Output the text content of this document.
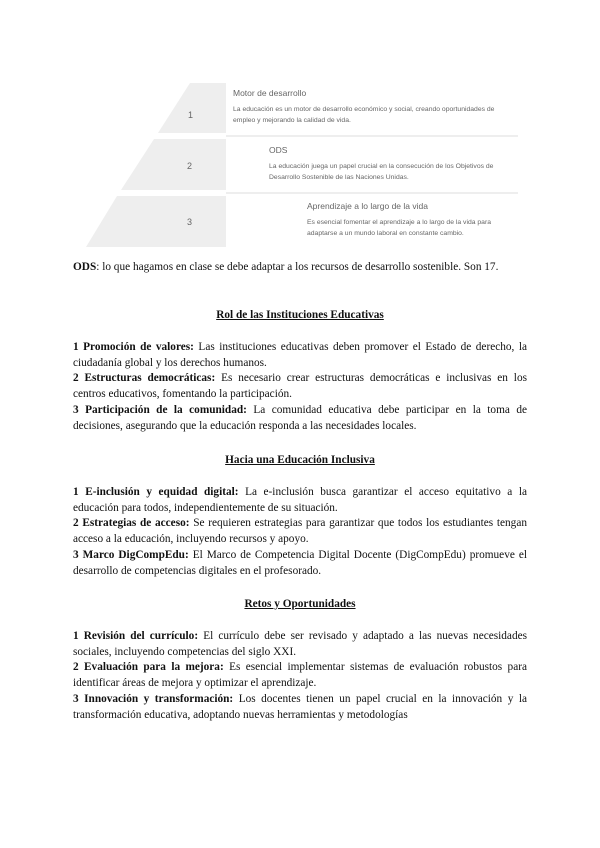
1
2
3
Motor de desarrollo
La educación es un motor de desarrollo económico y social, creando oportunidades de empleo y mejorando la calidad de vida.
ODS
La educación juega un papel crucial en la consecución de los Objetivos de Desarrollo Sostenible de las Naciones Unidas.
Aprendizaje a lo largo de la vida
Es esencial fomentar el aprendizaje a lo largo de la vida para adaptarse a un mundo laboral en constante cambio.

ODS: lo que hagamos en clase se debe adaptar a los recursos de desarrollo sostenible. Son 17.

Rol de las Instituciones Educativas

1 Promoción de valores: Las instituciones educativas deben promover el Estado de derecho, la ciudadanía global y los derechos humanos.

2 Estructuras democráticas: Es necesario crear estructuras democráticas e inclusivas en los centros educativos, fomentando la participación.

3 Participación de la comunidad: La comunidad educativa debe participar en la toma de decisiones, asegurando que la educación responda a las necesidades locales.

Hacia una Educación Inclusiva

1 E-inclusión y equidad digital: La e-inclusión busca garantizar el acceso equitativo a la educación para todos, independientemente de su situación.

2 Estrategias de acceso: Se requieren estrategias para garantizar que todos los estudiantes tengan acceso a la educación, incluyendo recursos y apoyo.

3 Marco DigCompEdu: El Marco de Competencia Digital Docente (DigCompEdu) promueve el desarrollo de competencias digitales en el profesorado.

Retos y Oportunidades

1 Revisión del currículo: El currículo debe ser revisado y adaptado a las nuevas necesidades sociales, incluyendo competencias del siglo XXI.

2 Evaluación para la mejora: Es esencial implementar sistemas de evaluación robustos para identificar áreas de mejora y optimizar el aprendizaje.

3 Innovación y transformación: Los docentes tienen un papel crucial en la innovación y la transformación educativa, adoptando nuevas herramientas y metodologías
